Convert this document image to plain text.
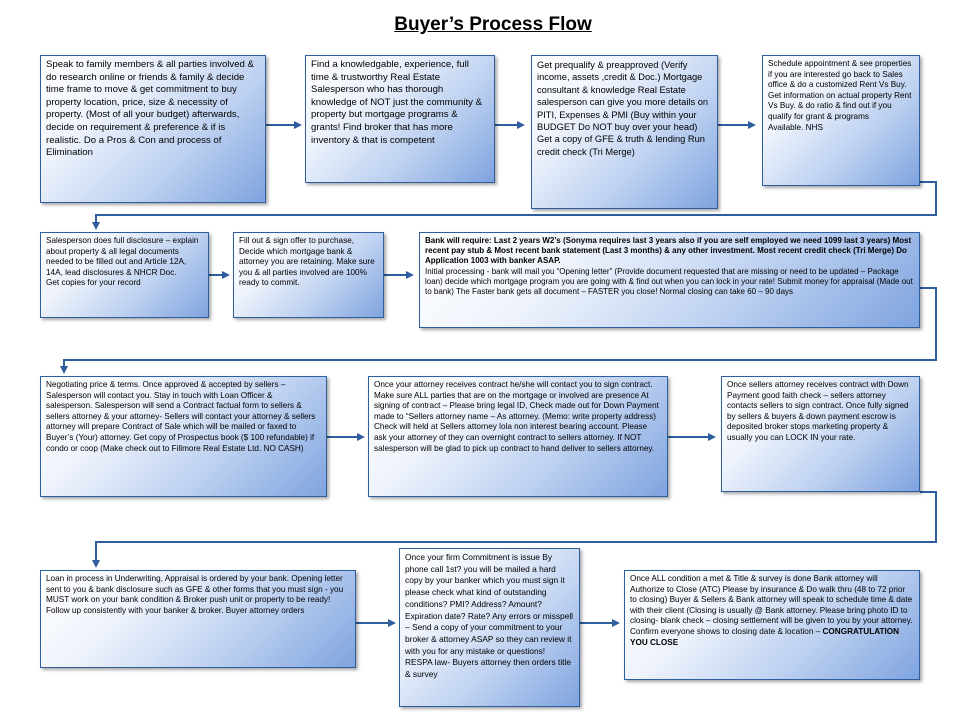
Buyer’s Process Flow

Speak to family members & all parties involved & do research online or friends & family & decide time frame to move & get commitment to buy property location, price, size & necessity of property. (Most of all your budget) afterwards, decide on requirement & preference & if is realistic. Do a Pros & Con and process of Elimination

Find a knowledgable, experience, full time & trustworthy Real Estate Salesperson who has thorough knowledge of NOT just the community & property but mortgage programs & grants! Find broker that has more inventory & that is competent

Get prequalify & preapproved (Verify income, assets ,credit & Doc.) Mortgage consultant & knowledge Real Estate salesperson can give you more details on PITI, Expenses & PMI (Buy within your BUDGET Do NOT buy over your head) Get a copy of GFE & truth & lending Run credit check (Tri Merge)

Schedule appointment & see properties if you are interested go back to Sales office & do a customized Rent Vs Buy. Get information on actual property Rent Vs Buy. & do ratio & find out if you qualify for grant & programs
Available. NHS

Salesperson does full disclosure – explain about property & all legal documents needed to be filled out and Article 12A, 14A, lead disclosures & NHCR Doc.
Get copies for your record

Fill out & sign offer to purchase, Decide which mortgage bank & attorney you are retaining. Make sure you & all parties involved are 100% ready to commit.

Bank will require: Last 2 years W2’s (Sonyma requires last 3 years also if you are self employed we need 1099 last 3 years) Most recent pay stub & Most recent bank statement (Last 3 months) & any other investment. Most recent credit check (Tri Merge) Do Application 1003 with banker ASAP.
Initial processing - bank will mail you “Opening letter” (Provide document requested that are missing or need to be updated – Package loan) decide which mortgage program you are going with & find out when you can lock in your rate! Submit money for appraisal (Made out to bank) The Faster bank gets all document – FASTER you close! Normal closing can take 60 – 90 days

Negotiating price & terms. Once approved & accepted by sellers – Salesperson will contact you. Stay in touch with Loan Officer & salesperson. Salesperson will send a Contract factual form to sellers & sellers attorney & your attorney- Sellers will contact your attorney & sellers attorney will prepare Contract of Sale which will be mailed or faxed to Buyer’s (Your) attorney. Get copy of Prospectus book ($ 100 refundable) if condo or coop (Make check out to Fillmore Real Estate Ltd. NO CASH)

Once your attorney receives contract he/she will contact you to sign contract. Make sure ALL parties that are on the mortgage or involved are presence At signing of contract – Please bring legal ID, Check made out for Down Payment made to “Sellers attorney name – As attorney. (Memo: write property address) Check will held at Sellers attorney lola non interest bearing account. Please ask your attorney of they can overnight contract to sellers attorney. If NOT salesperson will be glad to pick up contract to hand deliver to sellers attorney.

Once sellers attorney receives contract with Down Payment good faith check – sellers attorney contacts sellers to sign contract. Once fully signed by sellers & buyers & down payment escrow is deposited broker stops marketing property & usually you can LOCK IN your rate.

Loan in process in Underwriting, Appraisal is ordered by your bank. Opening letter sent to you & bank disclosure such as GFE & other forms that you must sign - you MUST work on your bank condition & Broker push unit or property to be ready! Follow up consistently with your banker & broker. Buyer attorney orders

Once your firm Commitment is issue By phone call 1st? you will be mailed a hard copy by your banker which you must sign it please check what kind of outstanding conditions? PMI? Address? Amount? Expiration date? Rate? Any errors or misspell – Send a copy of your commitment to your broker & attorney ASAP so they can review it with you for any mistake or questions! RESPA law- Buyers attorney then orders title & survey

Once ALL condition a met & Title & survey is done Bank attorney will Authorize to Close (ATC) Please by insurance & Do walk thru (48 to 72 prior to closing) Buyer & Sellers & Bank attorney will speak to schedule time & date with their client (Closing is usually @ Bank attorney. Please bring photo ID to closing- blank check – closing settlement will be given to you by your attorney. Confirm everyone shows to closing date & location – CONGRATULATION YOU CLOSE
